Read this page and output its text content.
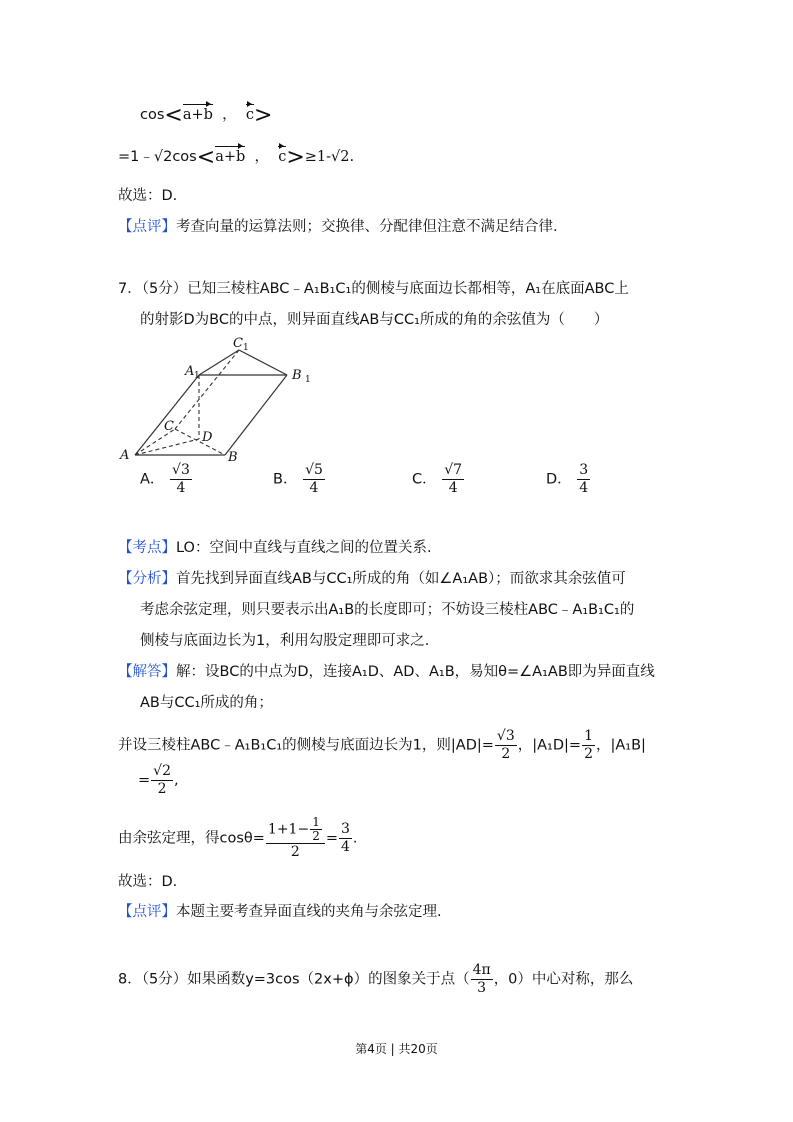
cos<a+b ， c>
=1﹣√2cos<a+b ， c>≥1-√2.
故选：D.
【点评】考查向量的运算法则；交换律、分配律但注意不满足结合律.
7．（5分）已知三棱柱ABC﹣A₁B₁C₁的侧棱与底面边长都相等，A₁在底面ABC上
的射影D为BC的中点，则异面直线AB与CC₁所成的角的余弦值为（　　）
A	B
C
D
A	B
C
1	1
1
A． $\frac{√3}{4}$	B． $\frac{√5}{4}$	C． $\frac{√7}{4}$	D． $\frac{3}{4}$
【考点】LO：空间中直线与直线之间的位置关系.
【分析】首先找到异面直线AB与CC₁所成的角（如∠A₁AB）；而欲求其余弦值可
考虑余弦定理，则只要表示出A₁B的长度即可；不妨设三棱柱ABC﹣A₁B₁C₁的
侧棱与底面边长为1，利用勾股定理即可求之.
【解答】解：设BC的中点为D，连接A₁D、AD、A₁B，易知θ=∠A₁AB即为异面直线
AB与CC₁所成的角；
并设三棱柱ABC﹣A₁B₁C₁的侧棱与底面边长为1，则$|AD|= \frac{√3}{2}$ ，$|A_1D|= \frac{1}{2}$ ，|A₁B|
= $\frac{√2}{2}$ ,
由余弦定理，得$\cos\theta= \frac{1+1- \frac{1}{2}}{2} = \frac{3}{4}$ .
故选：D.
【点评】本题主要考查异面直线的夹角与余弦定理.
8．（5分）如果函数y=3cos（2x+ϕ）的图象关于点（ $\frac{4\pi}{3}$ ，0）中心对称，那么
第4页 | 共20页
